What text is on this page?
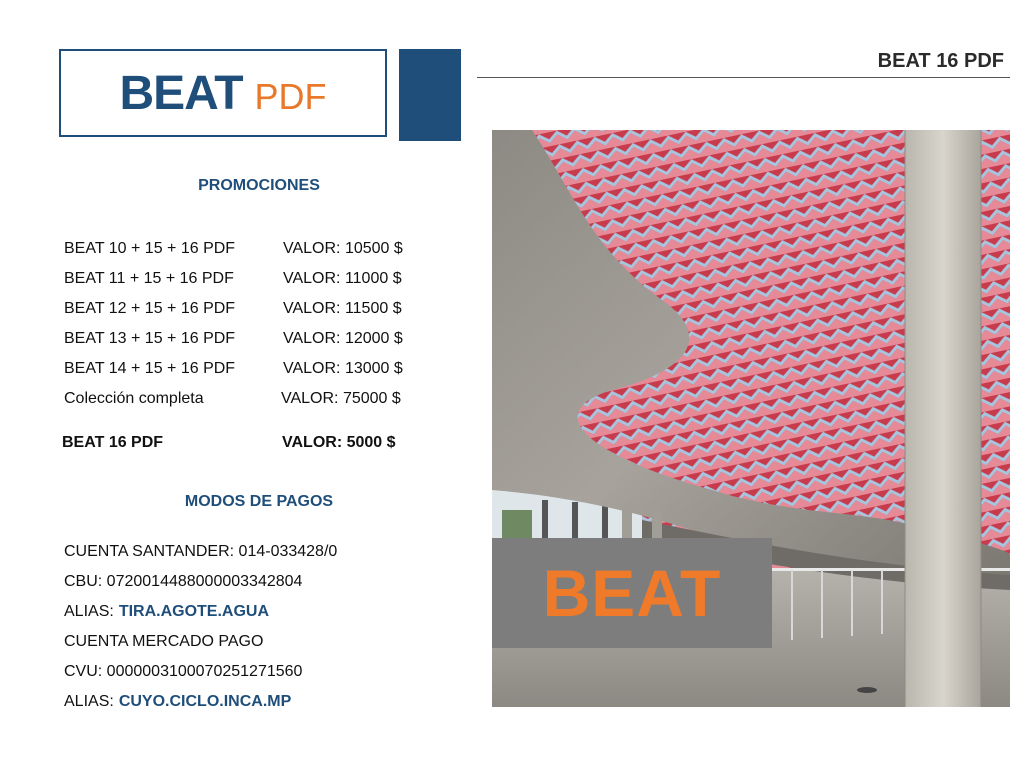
BEAT PDF
BEAT 16 PDF
PROMOCIONES
BEAT 10 + 15 + 16 PDF	VALOR: 10500 $
BEAT 11 + 15 + 16 PDF	VALOR: 11000 $
BEAT 12 + 15 + 16 PDF	VALOR: 11500 $
BEAT 13 + 15 + 16 PDF	VALOR: 12000 $
BEAT 14 + 15 + 16 PDF	VALOR: 13000 $
Colección completa	VALOR: 75000 $
BEAT 16 PDF	VALOR: 5000 $
MODOS DE PAGOS
CUENTA SANTANDER: 014-033428/0
CBU: 0720014488000003342804
ALIAS: TIRA.AGOTE.AGUA
CUENTA MERCADO PAGO
CVU: 0000003100070251271560
ALIAS: CUYO.CICLO.INCA.MP
BEAT
